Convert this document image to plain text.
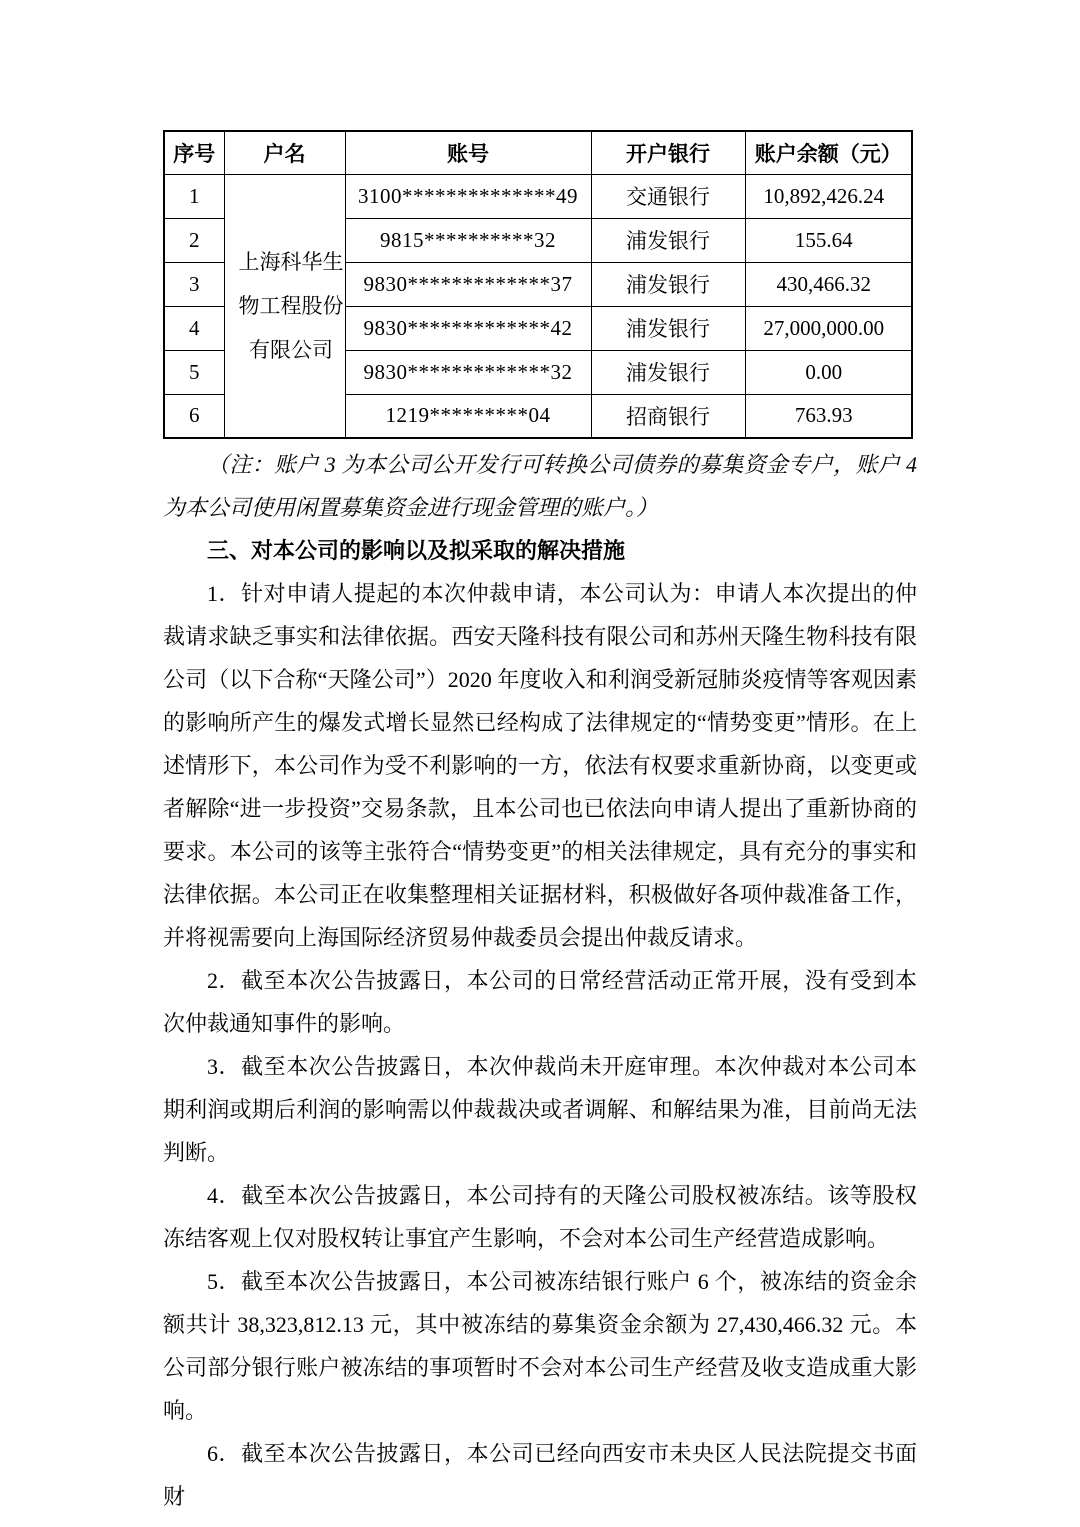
序号	户名	账号	开户银行	账户余额（元）
1	上海科华生物工程股份有限公司	3100**************49	交通银行	10,892,426.24
2		9815**********32	浦发银行	155.64
3		9830*************37	浦发银行	430,466.32
4		9830*************42	浦发银行	27,000,000.00
5		9830*************32	浦发银行	0.00
6		1219*********04	招商银行	763.93

（注：账户 3 为本公司公开发行可转换公司债券的募集资金专户，账户 4 为本公司使用闲置募集资金进行现金管理的账户。）

三、对本公司的影响以及拟采取的解决措施

1．针对申请人提起的本次仲裁申请，本公司认为：申请人本次提出的仲裁请求缺乏事实和法律依据。西安天隆科技有限公司和苏州天隆生物科技有限公司（以下合称“天隆公司”）2020 年度收入和利润受新冠肺炎疫情等客观因素的影响所产生的爆发式增长显然已经构成了法律规定的“情势变更”情形。在上述情形下，本公司作为受不利影响的一方，依法有权要求重新协商，以变更或者解除“进一步投资”交易条款，且本公司也已依法向申请人提出了重新协商的要求。本公司的该等主张符合“情势变更”的相关法律规定，具有充分的事实和法律依据。本公司正在收集整理相关证据材料，积极做好各项仲裁准备工作，并将视需要向上海国际经济贸易仲裁委员会提出仲裁反请求。

2．截至本次公告披露日，本公司的日常经营活动正常开展，没有受到本次仲裁通知事件的影响。

3．截至本次公告披露日，本次仲裁尚未开庭审理。本次仲裁对本公司本期利润或期后利润的影响需以仲裁裁决或者调解、和解结果为准，目前尚无法判断。

4．截至本次公告披露日，本公司持有的天隆公司股权被冻结。该等股权冻结客观上仅对股权转让事宜产生影响，不会对本公司生产经营造成影响。

5．截至本次公告披露日，本公司被冻结银行账户 6 个，被冻结的资金余额共计 38,323,812.13 元，其中被冻结的募集资金余额为 27,430,466.32 元。本公司部分银行账户被冻结的事项暂时不会对本公司生产经营及收支造成重大影响。

6．截至本次公告披露日，本公司已经向西安市未央区人民法院提交书面财
